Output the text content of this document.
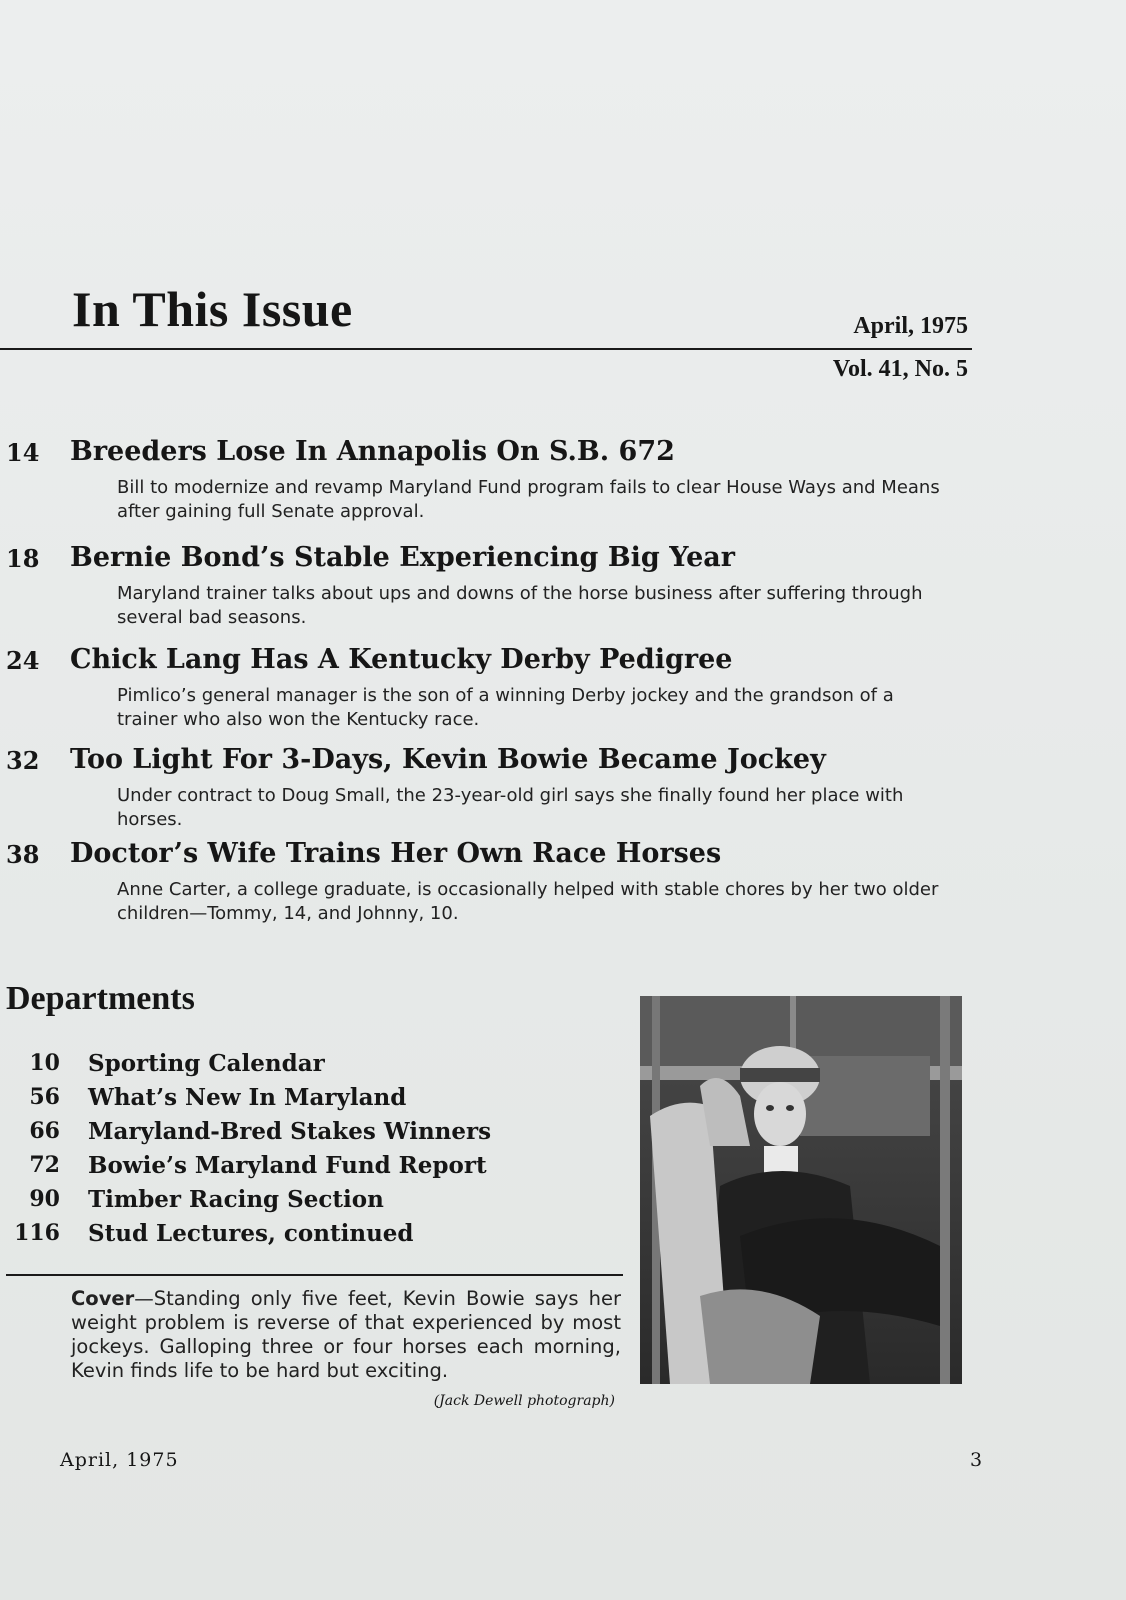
In This Issue	April, 1975
Vol. 41, No. 5
14 Breeders Lose In Annapolis On S.B. 672
Bill to modernize and revamp Maryland Fund program fails to clear House Ways and Means after gaining full Senate approval.
18 Bernie Bond’s Stable Experiencing Big Year
Maryland trainer talks about ups and downs of the horse business after suffering through several bad seasons.
24 Chick Lang Has A Kentucky Derby Pedigree
Pimlico’s general manager is the son of a winning Derby jockey and the grandson of a trainer who also won the Kentucky race.
32 Too Light For 3-Days, Kevin Bowie Became Jockey
Under contract to Doug Small, the 23-year-old girl says she finally found her place with horses.
38 Doctor’s Wife Trains Her Own Race Horses
Anne Carter, a college graduate, is occasionally helped with stable chores by her two older children—Tommy, 14, and Johnny, 10.
Departments
10 Sporting Calendar
56 What’s New In Maryland
66 Maryland-Bred Stakes Winners
72 Bowie’s Maryland Fund Report
90 Timber Racing Section
116 Stud Lectures, continued
Cover—Standing only five feet, Kevin Bowie says her weight problem is reverse of that experienced by most jockeys. Galloping three or four horses each morning, Kevin finds life to be hard but exciting.
(Jack Dewell photograph)
April, 1975	3
